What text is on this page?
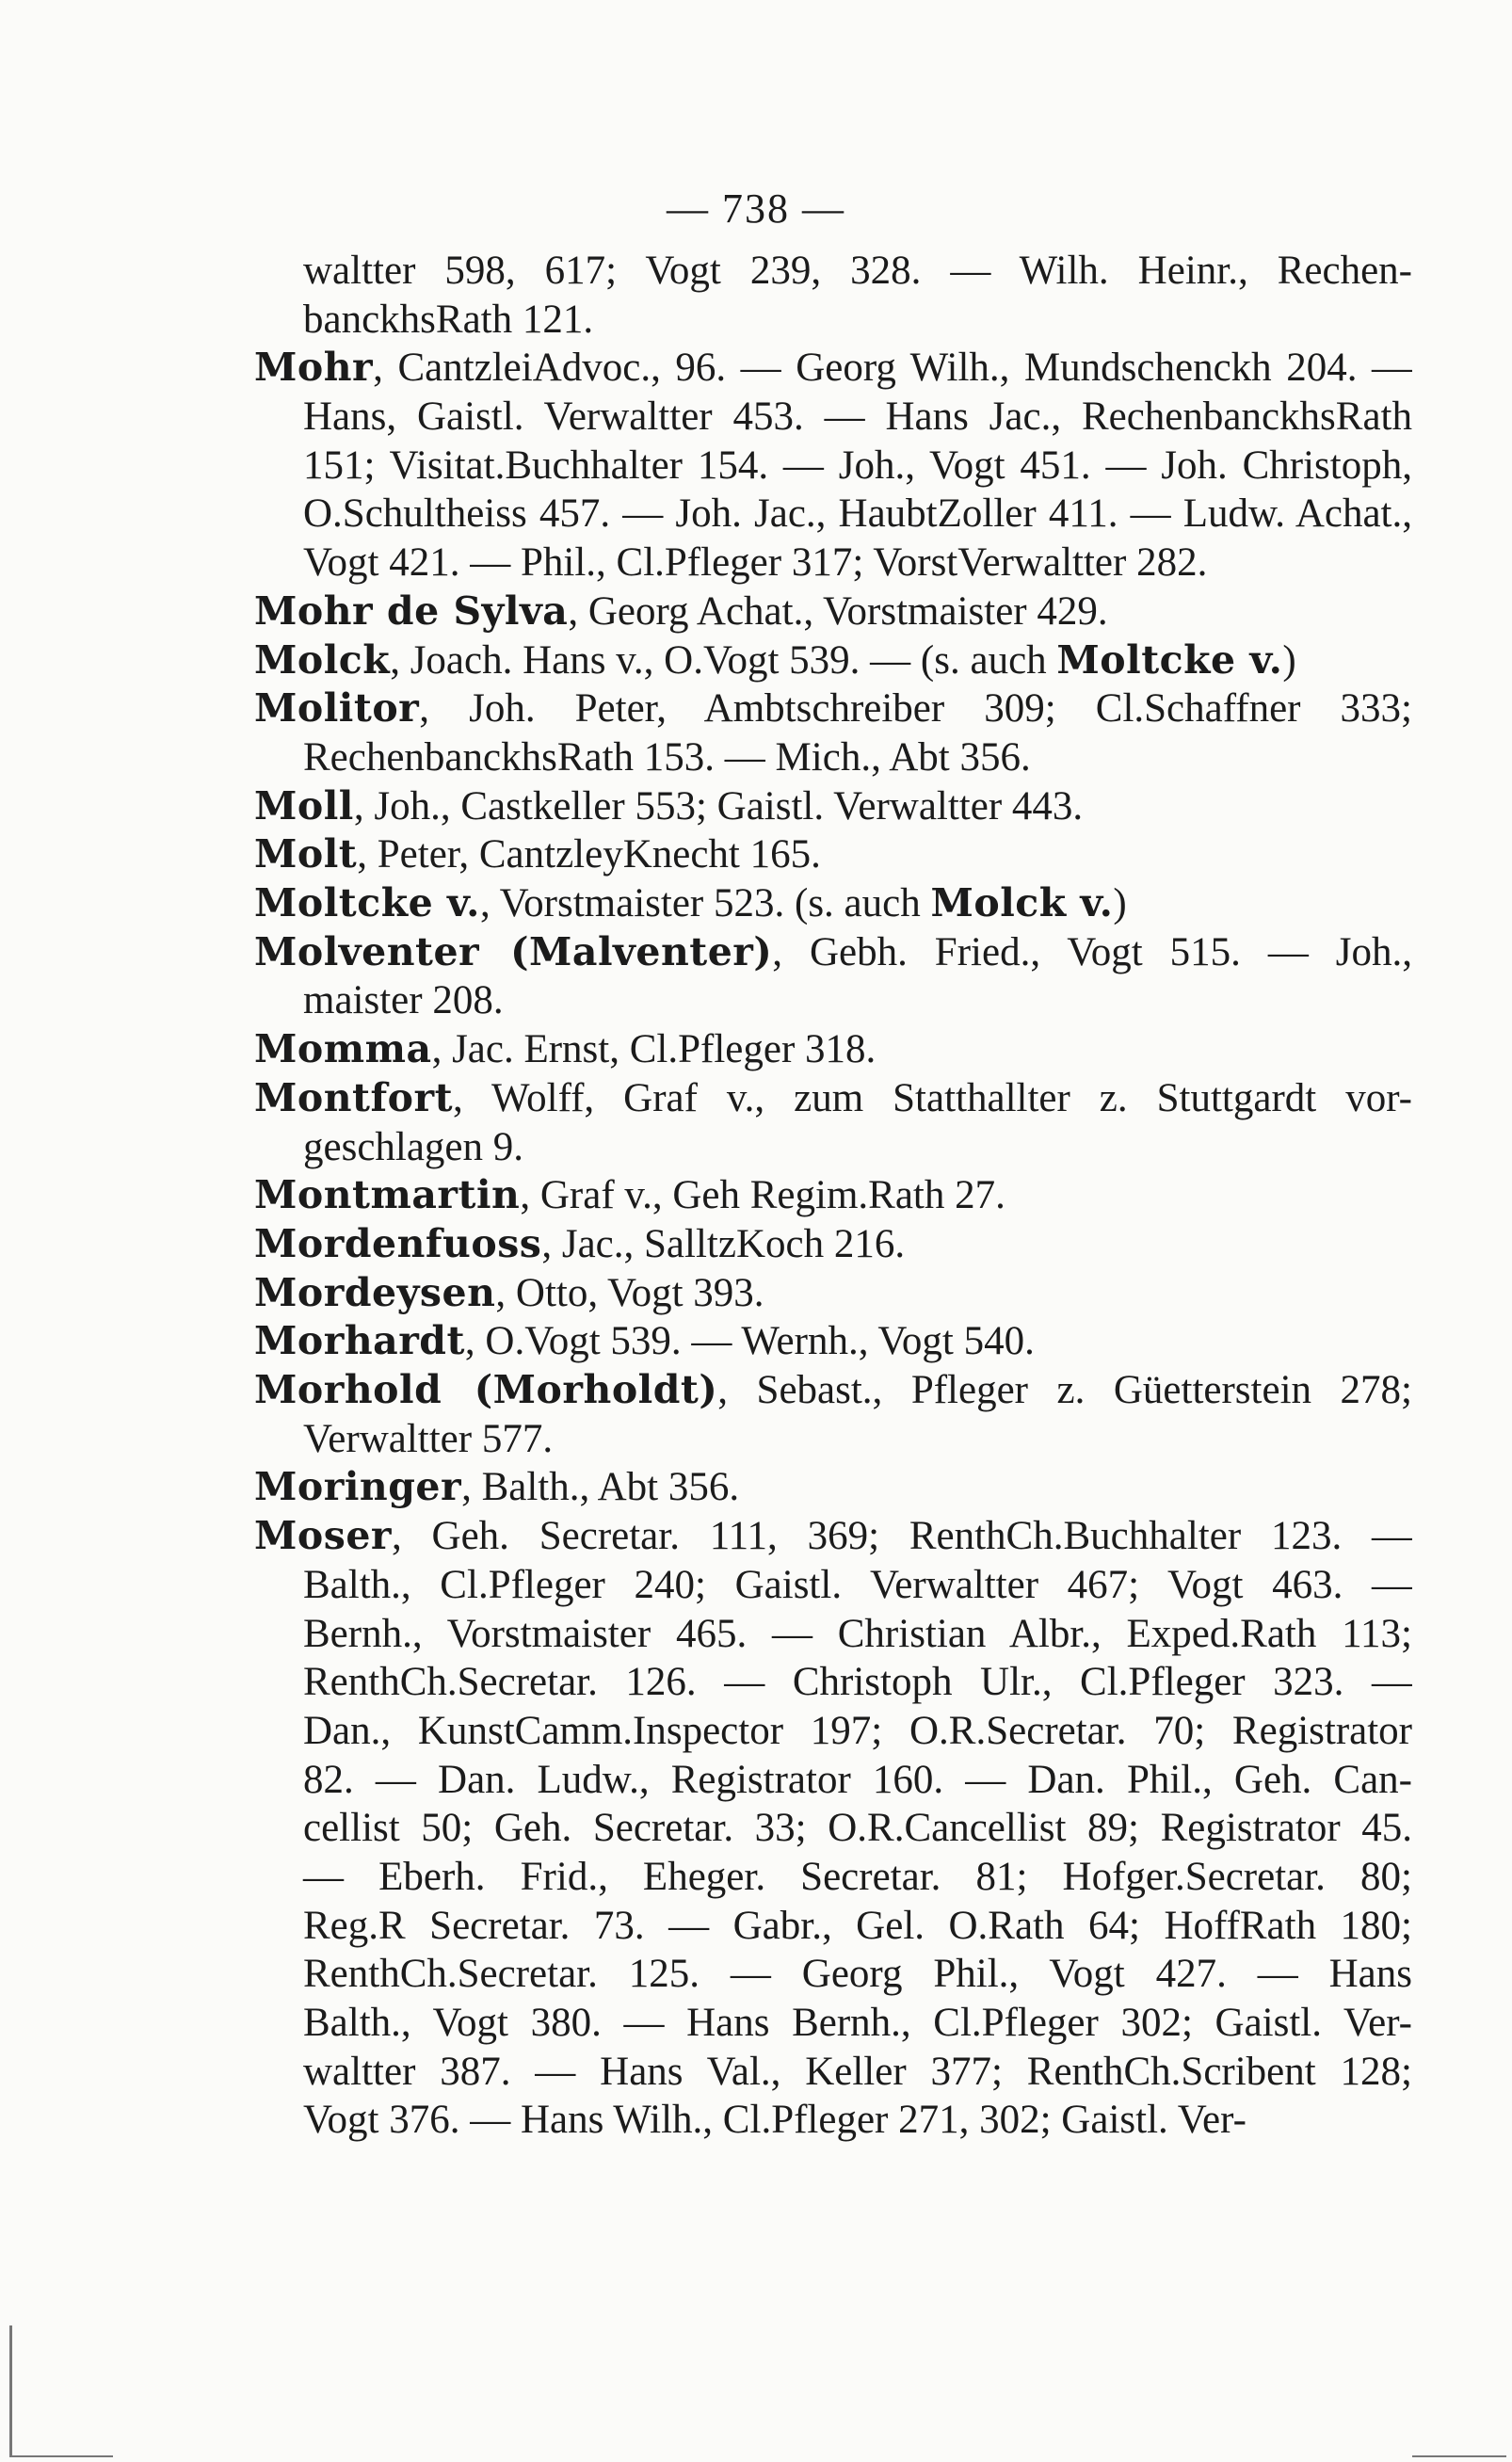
— 738 —
waltter 598, 617; Vogt 239, 328. — Wilh. Heinr., Rechen-
banckhsRath 121.
Mohr, CantzleiAdvoc., 96. — Georg Wilh., Mundschenckh 204. —
Hans, Gaistl. Verwaltter 453. — Hans Jac., RechenbanckhsRath
151; Visitat.Buchhalter 154. — Joh., Vogt 451. — Joh. Christoph,
O.Schultheiss 457. — Joh. Jac., HaubtZoller 411. — Ludw. Achat.,
Vogt 421. — Phil., Cl.Pfleger 317; VorstVerwaltter 282.
Mohr de Sylva, Georg Achat., Vorstmaister 429.
Molck, Joach. Hans v., O.Vogt 539. — (s. auch Moltcke v.)
Molitor, Joh. Peter, Ambtschreiber 309; Cl.Schaffner 333;
RechenbanckhsRath 153. — Mich., Abt 356.
Moll, Joh., Castkeller 553; Gaistl. Verwaltter 443.
Molt, Peter, CantzleyKnecht 165.
Moltcke v., Vorstmaister 523. (s. auch Molck v.)
Molventer (Malventer), Gebh. Fried., Vogt 515. — Joh.,
maister 208.
Momma, Jac. Ernst, Cl.Pfleger 318.
Montfort, Wolff, Graf v., zum Statthallter z. Stuttgardt vor-
geschlagen 9.
Montmartin, Graf v., Geh Regim.Rath 27.
Mordenfuoss, Jac., SalltzKoch 216.
Mordeysen, Otto, Vogt 393.
Morhardt, O.Vogt 539. — Wernh., Vogt 540.
Morhold (Morholdt), Sebast., Pfleger z. Güetterstein 278;
Verwaltter 577.
Moringer, Balth., Abt 356.
Moser, Geh. Secretar. 111, 369; RenthCh.Buchhalter 123. —
Balth., Cl.Pfleger 240; Gaistl. Verwaltter 467; Vogt 463. —
Bernh., Vorstmaister 465. — Christian Albr., Exped.Rath 113;
RenthCh.Secretar. 126. — Christoph Ulr., Cl.Pfleger 323. —
Dan., KunstCamm.Inspector 197; O.R.Secretar. 70; Registrator
82. — Dan. Ludw., Registrator 160. — Dan. Phil., Geh. Can-
cellist 50; Geh. Secretar. 33; O.R.Cancellist 89; Registrator 45.
— Eberh. Frid., Eheger. Secretar. 81; Hofger.Secretar. 80;
Reg.R Secretar. 73. — Gabr., Gel. O.Rath 64; HoffRath 180;
RenthCh.Secretar. 125. — Georg Phil., Vogt 427. — Hans
Balth., Vogt 380. — Hans Bernh., Cl.Pfleger 302; Gaistl. Ver-
waltter 387. — Hans Val., Keller 377; RenthCh.Scribent 128;
Vogt 376. — Hans Wilh., Cl.Pfleger 271, 302; Gaistl. Ver-
